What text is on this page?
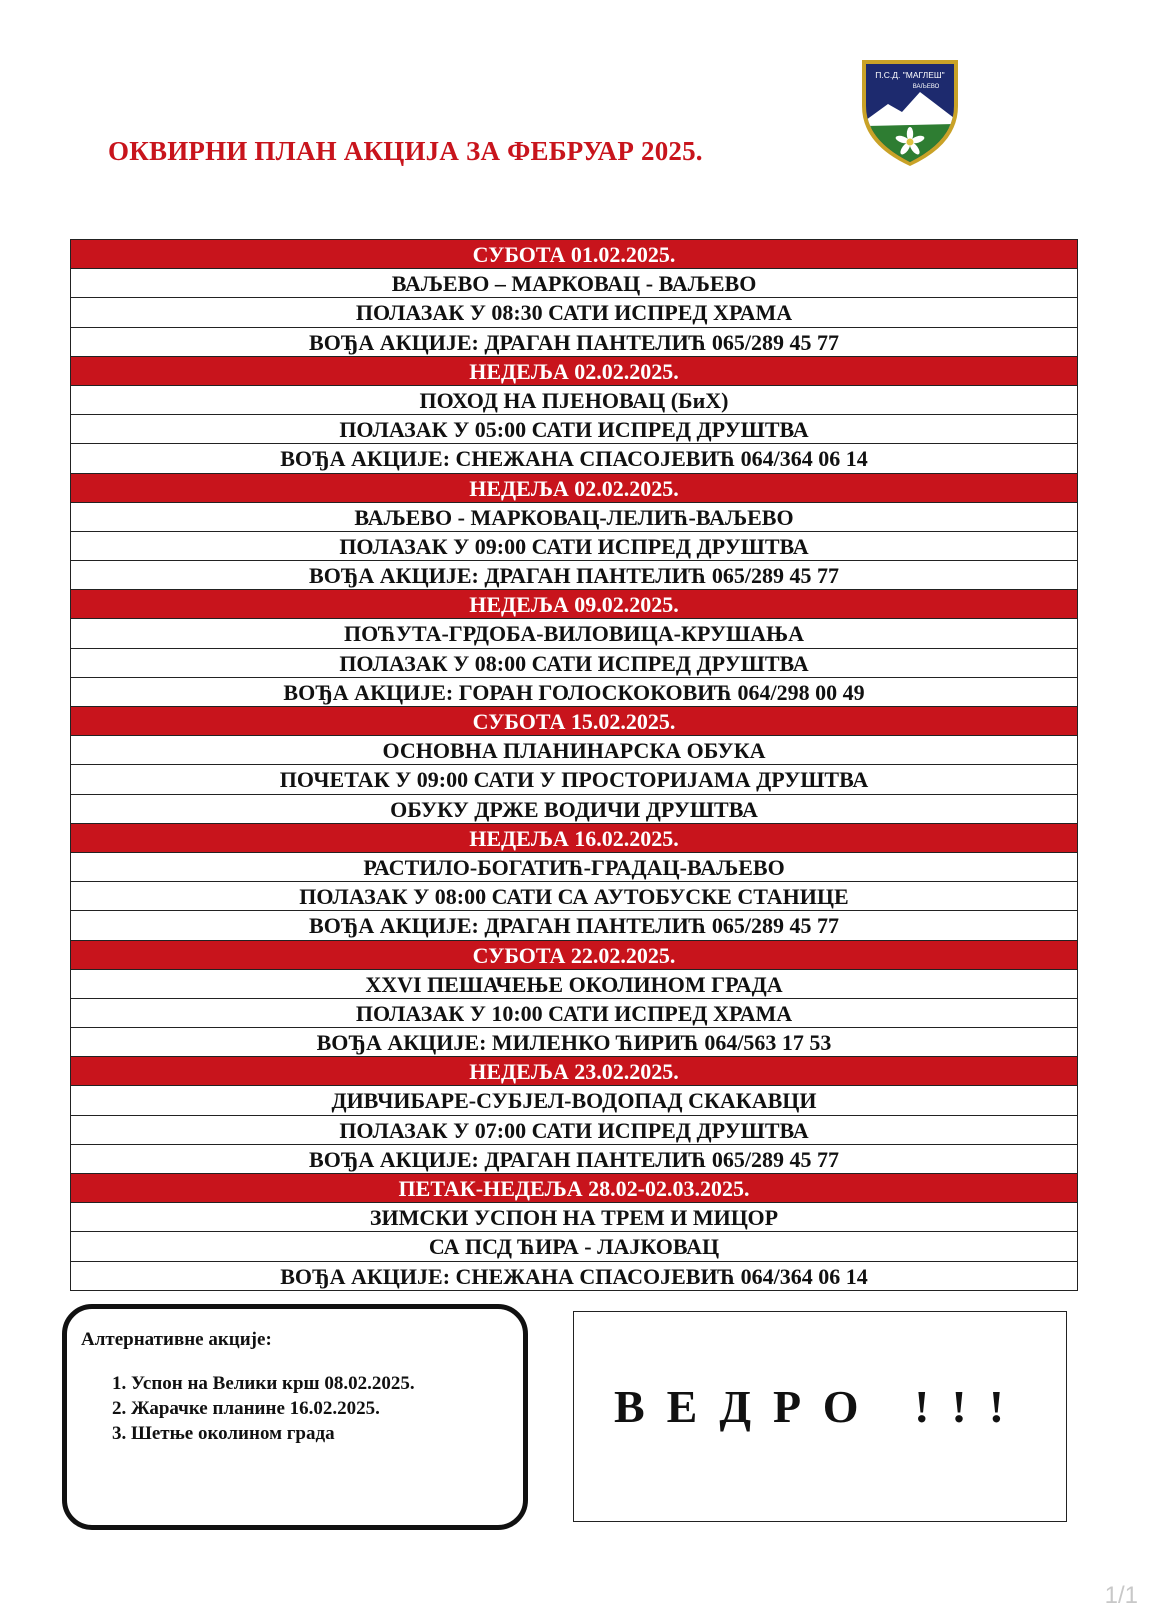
ОКВИРНИ ПЛАН АКЦИЈА ЗА ФЕБРУАР 2025.
П.С.Д. "МАГЛЕШ"
ВАЉЕВО
СУБОТА 01.02.2025.
ВАЉЕВО – МАРКОВАЦ - ВАЉЕВО
ПОЛАЗАК У 08:30 САТИ ИСПРЕД ХРАМА
ВОЂА АКЦИЈЕ: ДРАГАН ПАНТЕЛИЋ 065/289 45 77
НЕДЕЉА 02.02.2025.
ПОХОД НА ПЈЕНОВАЦ (БиХ)
ПОЛАЗАК У 05:00 САТИ ИСПРЕД ДРУШТВА
ВОЂА АКЦИЈЕ: СНЕЖАНА СПАСОЈЕВИЋ 064/364 06 14
НЕДЕЉА 02.02.2025.
ВАЉЕВО - МАРКОВАЦ-ЛЕЛИЋ-ВАЉЕВО
ПОЛАЗАК У 09:00 САТИ ИСПРЕД ДРУШТВА
ВОЂА АКЦИЈЕ: ДРАГАН ПАНТЕЛИЋ 065/289 45 77
НЕДЕЉА 09.02.2025.
ПОЋУТА-ГРДОБА-ВИЛОВИЦА-КРУШАЊА
ПОЛАЗАК У 08:00 САТИ ИСПРЕД ДРУШТВА
ВОЂА АКЦИЈЕ: ГОРАН ГОЛОСКОКОВИЋ 064/298 00 49
СУБОТА 15.02.2025.
ОСНОВНА ПЛАНИНАРСКА ОБУКА
ПОЧЕТАК У 09:00 САТИ У ПРОСТОРИЈАМА ДРУШТВА
ОБУКУ ДРЖЕ ВОДИЧИ ДРУШТВА
НЕДЕЉА 16.02.2025.
РАСТИЛО-БОГАТИЋ-ГРАДАЦ-ВАЉЕВО
ПОЛАЗАК У 08:00 САТИ СА АУТОБУСКЕ СТАНИЦЕ
ВОЂА АКЦИЈЕ: ДРАГАН ПАНТЕЛИЋ 065/289 45 77
СУБОТА 22.02.2025.
XXVI ПЕШАЧЕЊЕ ОКОЛИНОМ ГРАДА
ПОЛАЗАК У 10:00 САТИ ИСПРЕД ХРАМА
ВОЂА АКЦИЈЕ: МИЛЕНКО ЋИРИЋ 064/563 17 53
НЕДЕЉА 23.02.2025.
ДИВЧИБАРЕ-СУБЈЕЛ-ВОДОПАД СКАКАВЦИ
ПОЛАЗАК У 07:00 САТИ ИСПРЕД ДРУШТВА
ВОЂА АКЦИЈЕ: ДРАГАН ПАНТЕЛИЋ 065/289 45 77
ПЕТАК-НЕДЕЉА 28.02-02.03.2025.
ЗИМСКИ УСПОН НА ТРЕМ И МИЦОР
СА ПСД ЋИРА - ЛАЈКОВАЦ
ВОЂА АКЦИЈЕ: СНЕЖАНА СПАСОЈЕВИЋ 064/364 06 14
Алтернативне акције:
1. Успон на Велики крш 08.02.2025.
2. Жарачке планине 16.02.2025.
3. Шетње околином града
ВЕДРО !!!
1/1
